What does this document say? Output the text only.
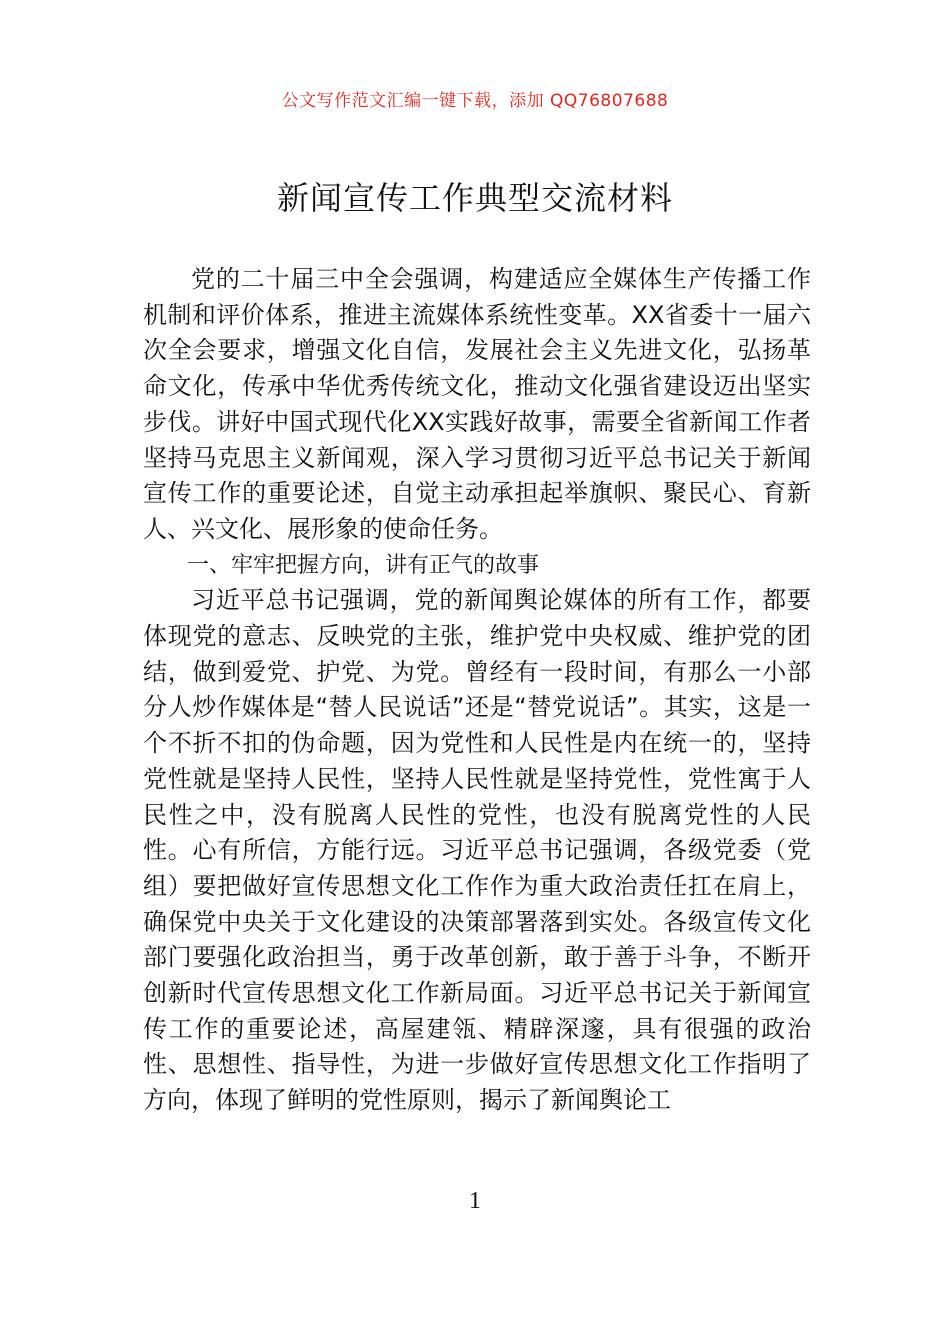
公文写作范文汇编一键下载，添加 QQ76807688
新闻宣传工作典型交流材料

党的二十届三中全会强调，构建适应全媒体生产传播工作机制和评价体系，推进主流媒体系统性变革。XX省委十一届六次全会要求，增强文化自信，发展社会主义先进文化，弘扬革命文化，传承中华优秀传统文化，推动文化强省建设迈出坚实步伐。讲好中国式现代化XX实践好故事，需要全省新闻工作者坚持马克思主义新闻观，深入学习贯彻习近平总书记关于新闻宣传工作的重要论述，自觉主动承担起举旗帜、聚民心、育新人、兴文化、展形象的使命任务。

一、牢牢把握方向，讲有正气的故事

习近平总书记强调，党的新闻舆论媒体的所有工作，都要体现党的意志、反映党的主张，维护党中央权威、维护党的团结，做到爱党、护党、为党。曾经有一段时间，有那么一小部分人炒作媒体是“替人民说话”还是“替党说话”。其实，这是一个不折不扣的伪命题，因为党性和人民性是内在统一的，坚持党性就是坚持人民性，坚持人民性就是坚持党性，党性寓于人民性之中，没有脱离人民性的党性，也没有脱离党性的人民性。心有所信，方能行远。习近平总书记强调，各级党委（党组）要把做好宣传思想文化工作作为重大政治责任扛在肩上，确保党中央关于文化建设的决策部署落到实处。各级宣传文化部门要强化政治担当，勇于改革创新，敢于善于斗争，不断开创新时代宣传思想文化工作新局面。习近平总书记关于新闻宣传工作的重要论述，高屋建瓴、精辟深邃，具有很强的政治性、思想性、指导性，为进一步做好宣传思想文化工作指明了方向，体现了鲜明的党性原则，揭示了新闻舆论工

1
